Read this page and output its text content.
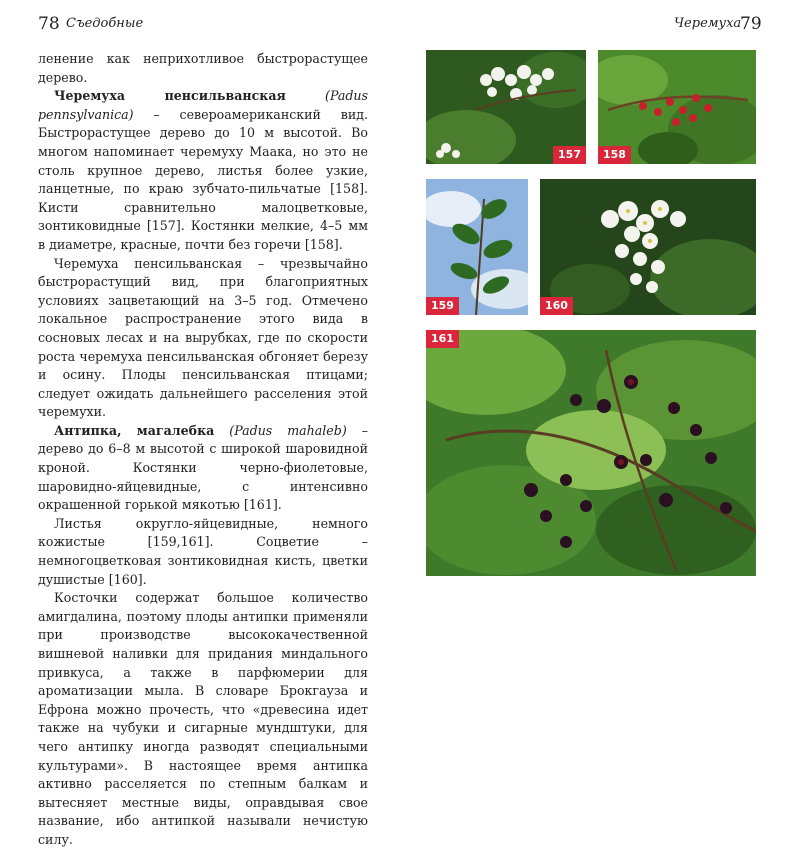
78 Съедобные

ленение как неприхотливое быстрорастущее дерево.

Черемуха пенсильванская	(Padus pennsylvanica) – североамериканский вид. Быстрорастущее дерево до 10 м высотой. Во многом напоминает черемуху Маака, но это не столь крупное дерево, листья более узкие, ланцетные, по краю зубчато-пильчатые [158]. Кисти сравнительно малоцветковые, зонтиковидные [157]. Костянки мелкие, 4–5 мм в диаметре, красные, почти без горечи [158].

Черемуха пенсильванская – чрезвычайно быстрорастущий вид, при благоприятных условиях зацветающий на 3–5 год. Отмечено локальное распространение этого вида в сосновых лесах и на вырубках, где по скорости роста черемуха пенсильванская обгоняет березу и осину. Плоды пенсильванская птицами; следует ожидать дальнейшего расселения этой черемухи.

Антипка, магалебка (Padus mahaleb) – дерево до 6–8 м высотой с широкой шаровидной кроной. Костянки черно-фиолетовые, шаровидно-яйцевидные, с интенсивно окрашенной горькой мякотью [161].

Листья округло-яйцевидные, немного кожистые [159,161]. Соцветие – немногоцветковая зонтиковидная кисть, цветки душистые [160].

Косточки содержат большое количество амигдалина, поэтому плоды антипки применяли при производстве высококачественной вишневой наливки для придания миндального привкуса, а также в парфюмерии для ароматизации мыла. В словаре Брокгауза и Ефрона можно прочесть, что «древесина идет также на чубуки и сигарные мундштуки, для чего антипку иногда разводят специальными культурами». В настоящее время антипка активно расселяется по степным балкам и вытесняет местные виды, оправдывая свое название, ибо антипкой называли нечистую силу.

Черемуха
79
157	158
159	160
161
